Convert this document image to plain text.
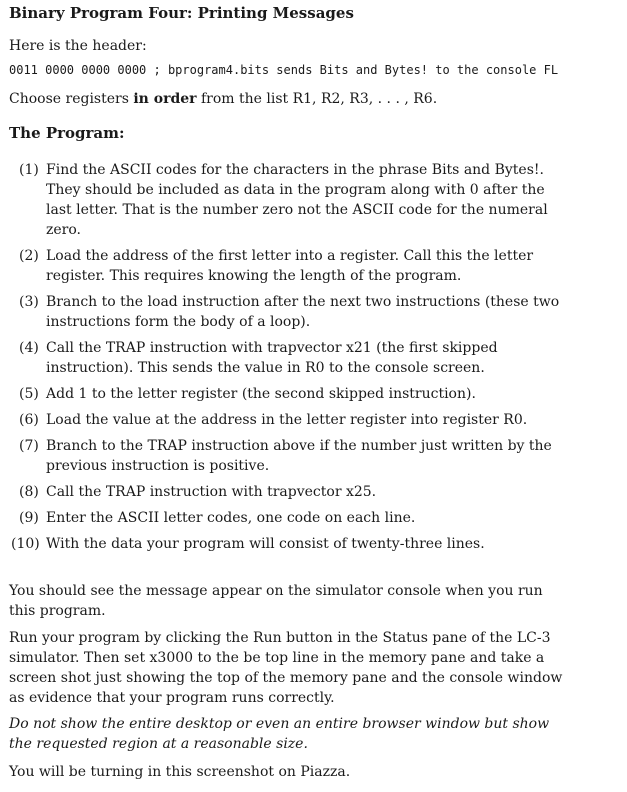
Binary Program Four: Printing Messages
Here is the header:
0011 0000 0000 0000 ; bprogram4.bits sends Bits and Bytes! to the console FL
Choose registers in order from the list R1, R2, R3, . . . , R6.
The Program:
(1) Find the ASCII codes for the characters in the phrase Bits and Bytes!. They should be included as data in the program along with 0 after the last letter. That is the number zero not the ASCII code for the numeral zero.
(2) Load the address of the first letter into a register. Call this the letter register. This requires knowing the length of the program.
(3) Branch to the load instruction after the next two instructions (these two instructions form the body of a loop).
(4) Call the TRAP instruction with trapvector x21 (the first skipped instruction). This sends the value in R0 to the console screen.
(5) Add 1 to the letter register (the second skipped instruction).
(6) Load the value at the address in the letter register into register R0.
(7) Branch to the TRAP instruction above if the number just written by the previous instruction is positive.
(8) Call the TRAP instruction with trapvector x25.
(9) Enter the ASCII letter codes, one code on each line.
(10) With the data your program will consist of twenty-three lines.
You should see the message appear on the simulator console when you run this program.
Run your program by clicking the Run button in the Status pane of the LC-3 simulator. Then set x3000 to the be top line in the memory pane and take a screen shot just showing the top of the memory pane and the console window as evidence that your program runs correctly.
Do not show the entire desktop or even an entire browser window but show the requested region at a reasonable size.
You will be turning in this screenshot on Piazza.
